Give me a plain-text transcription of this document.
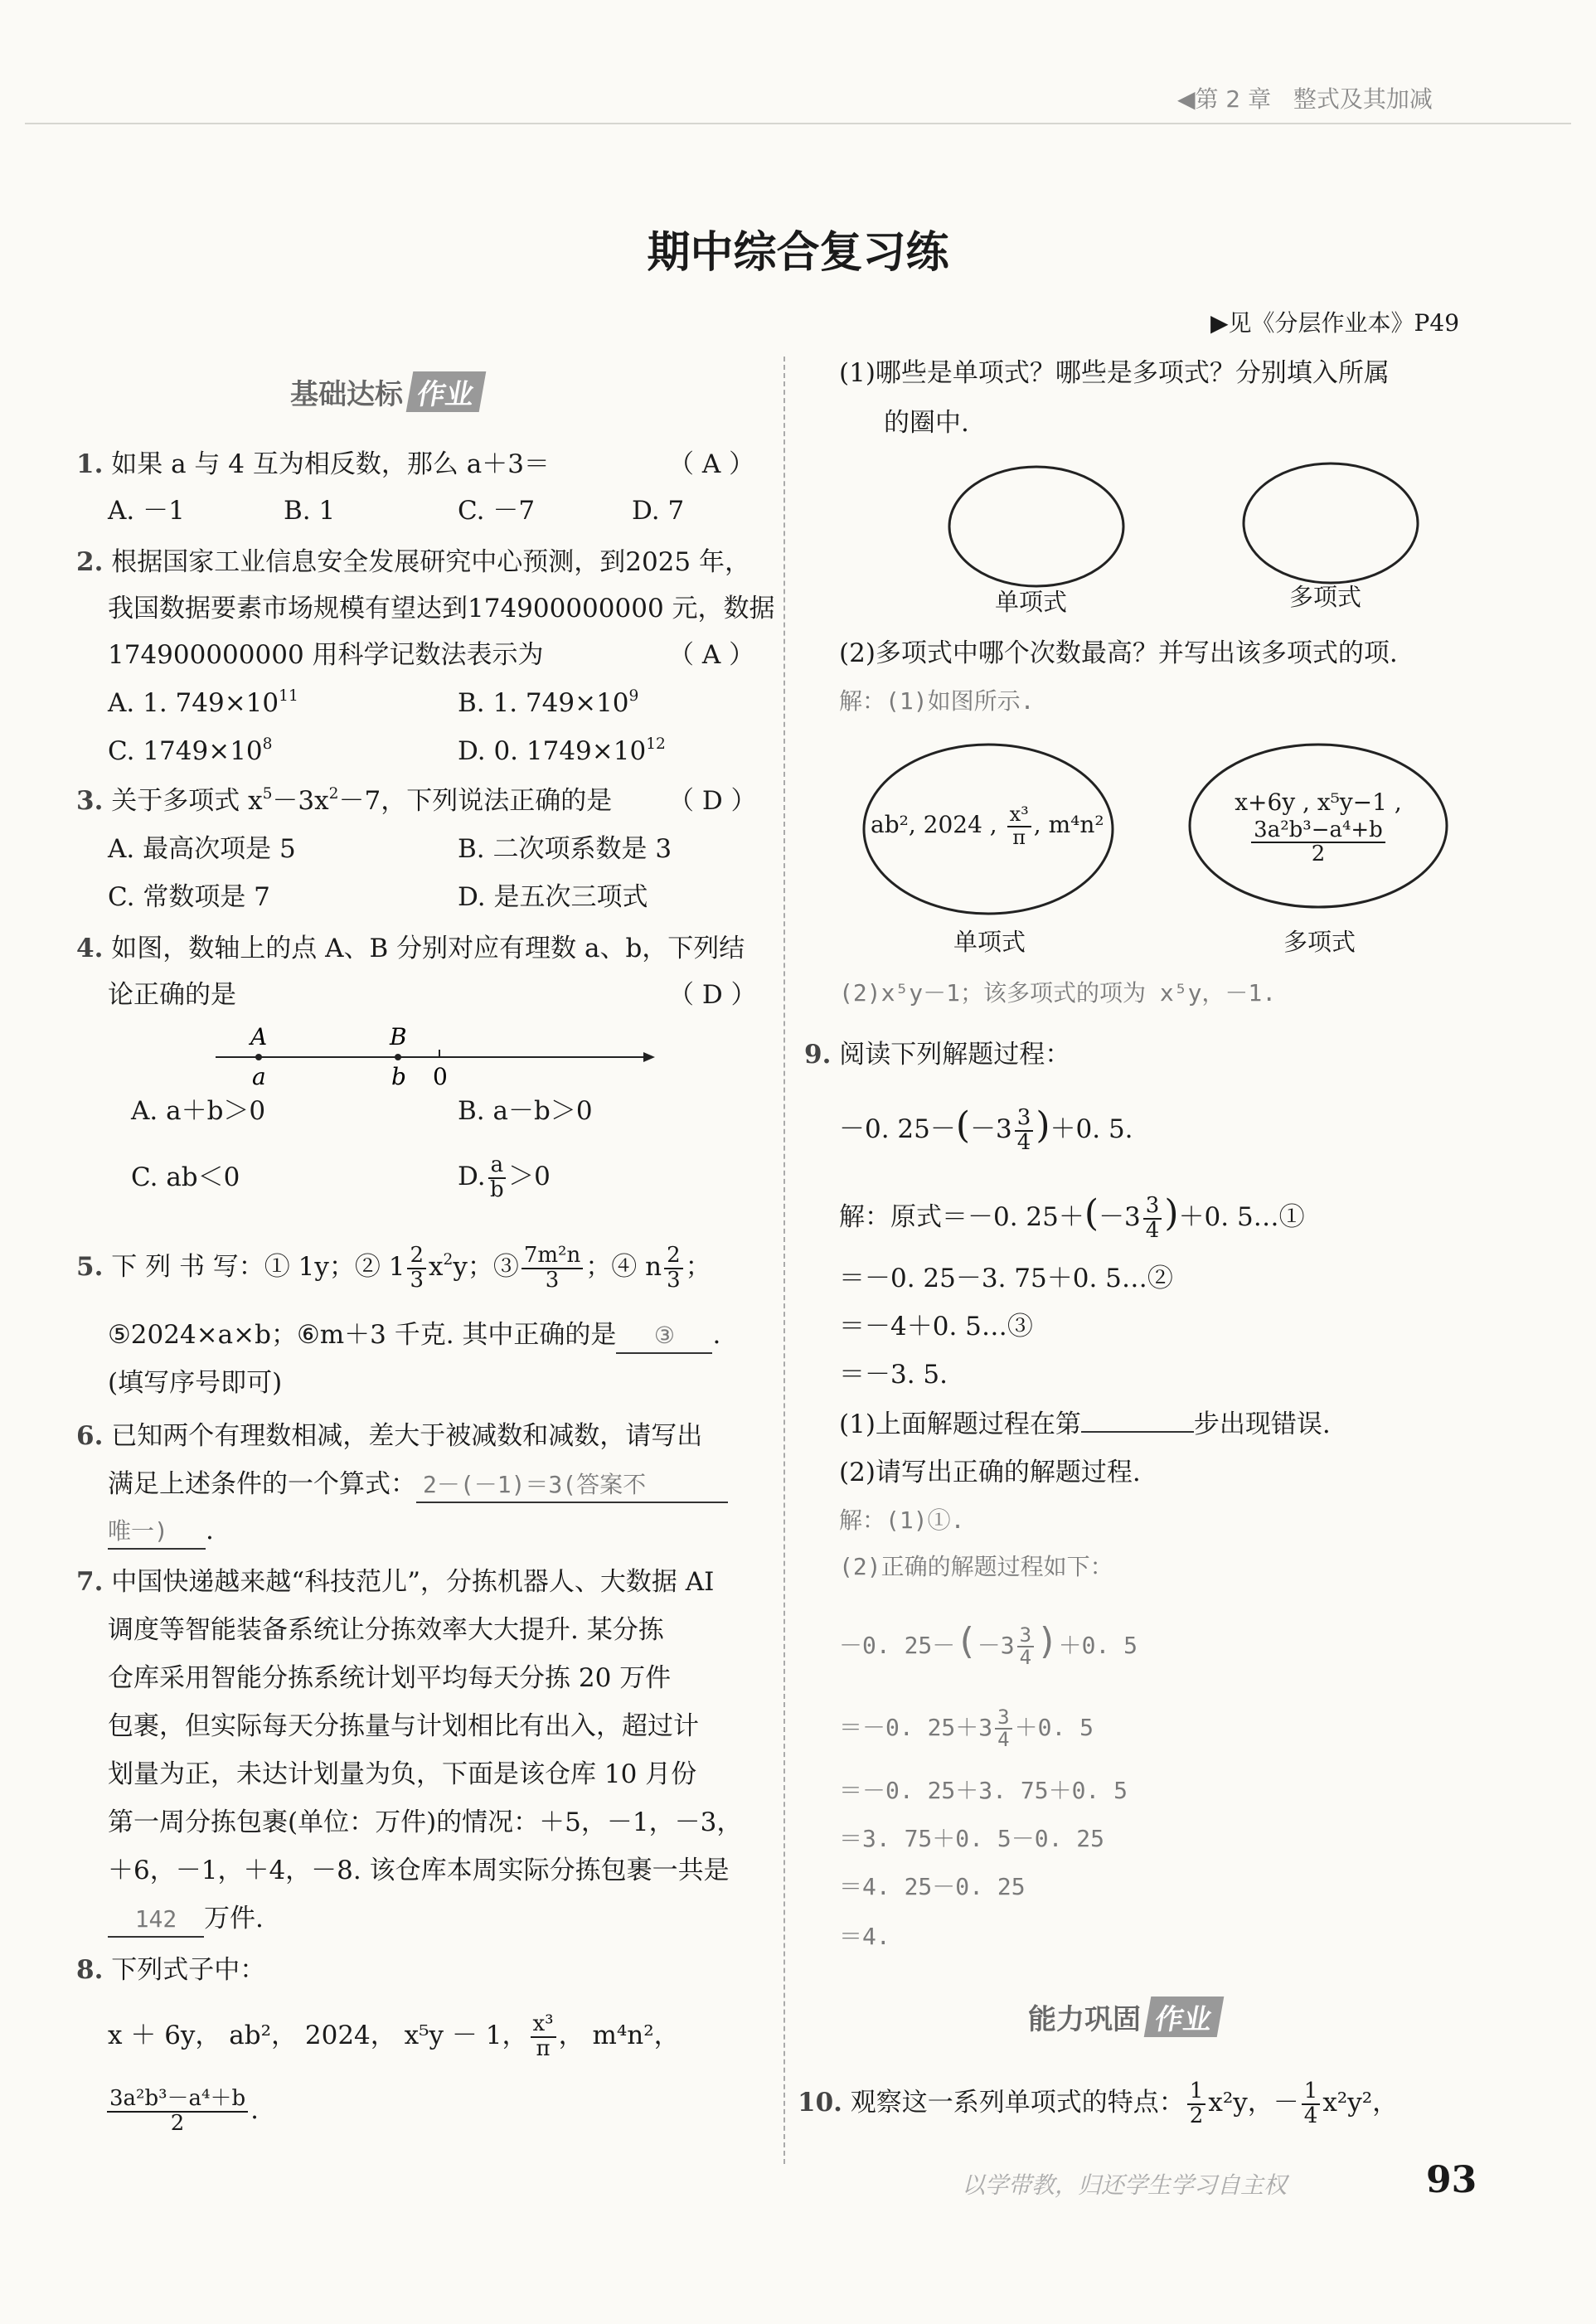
◀第 2 章 整式及其加减
期中综合复习练
▶见《分层作业本》P49
基础达标 作业
1. 如果 a 与 4 互为相反数，那么 a＋3＝	（ A ）
A. －1	B. 1	C. －7	D. 7
2. 根据国家工业信息安全发展研究中心预测，到2025 年，
我国数据要素市场规模有望达到174900000000 元，数据
174900000000 用科学记数法表示为	（ A ）
A. 1. $749\times 10^{11}$	B. 1. $749\times 10^9$
C. $1749\times 10^8$	D. 0. $1749\times 10^{12}$
3. 关于多项式 $x^5-3x^2-7$，下列说法正确的是 （ D ）
A. 最高次项是 5	B. 二次项系数是 3
C. 常数项是 7	D. 是五次三项式
4. 如图，数轴上的点 A、B 分别对应有理数 a、b，下列结
论正确的是	（ D ）
A	B
a	b 0
A. a＋b＞0	B. a－b＞0
C. ab＜0	D. $\frac{a}{b} >0$
5. 下 列 书 写：① 1y；② $1 \frac{2}{3} x^2y$；③ $\frac{\text{7m²n}}{3}$ ；④ n $\frac{2}{3}$ ；
⑤2024×a×b；⑥m＋3 千克. 其中正确的是 ③ .
(填写序号即可)
6. 已知两个有理数相减，差大于被减数和减数，请写出
满足上述条件的一个算式： 2－(－1)＝3(答案不
唯一) .
7. 中国快递越来越“科技范儿”，分拣机器人、大数据 AI
调度等智能装备系统让分拣效率大大提升. 某分拣
仓库采用智能分拣系统计划平均每天分拣 20 万件
包裹，但实际每天分拣量与计划相比有出入，超过计
划量为正，未达计划量为负，下面是该仓库 10 月份
第一周分拣包裹(单位：万件)的情况：＋5，－1，－3，
＋6，－1，＋4，－8. 该仓库本周实际分拣包裹一共是
142 万件.
8. 下列式子中：
x ＋ 6y， ab²， 2024， x⁵y － 1， $\frac{\text{x³}}{\pi}$ ， m⁴n²，
$\frac{\text{3a²b³－a⁴＋b}}{2}$ .
(1)哪些是单项式？哪些是多项式？分别填入所属
的圈中.
单项式	多项式
(2)多项式中哪个次数最高？并写出该多项式的项.
解：(1)如图所示.
ab², 2024 , $\frac{\text{x³}}{\pi}$ , m⁴n²
x+6y , x⁵y−1 ,
$\frac{\text{3a²b³−a⁴+b}}{2}$
单项式	多项式
(2)x⁵y－1；该多项式的项为 x⁵y，－1.
9. 阅读下列解题过程：
－0. $25-(-3 \frac{3}{4} )+0$. 5.
解：原式＝－0. $25+(-3 \frac{3}{4} )+0$. 5…①
＝－0. 25－3. 75＋0. 5…②
＝－4＋0. 5…③
＝－3. 5.
(1)上面解题过程在第	步出现错误.
(2)请写出正确的解题过程.
解：(1)①.
(2)正确的解题过程如下：
－0. $25-(-3 \frac{3}{4} )+0$. 5
＝－0. $25+3 \frac{3}{4} +0$. 5
＝－0. 25＋3. 75＋0. 5
＝3. 75＋0. 5－0. 25
＝4. 25－0. 25
＝4.
能力巩固 作业
10. 观察这一系列单项式的特点： $\frac{1}{2} x^2y$，－ $\frac{1}{4} x^2y^2$，
以学带教，归还学生学习自主权	93
